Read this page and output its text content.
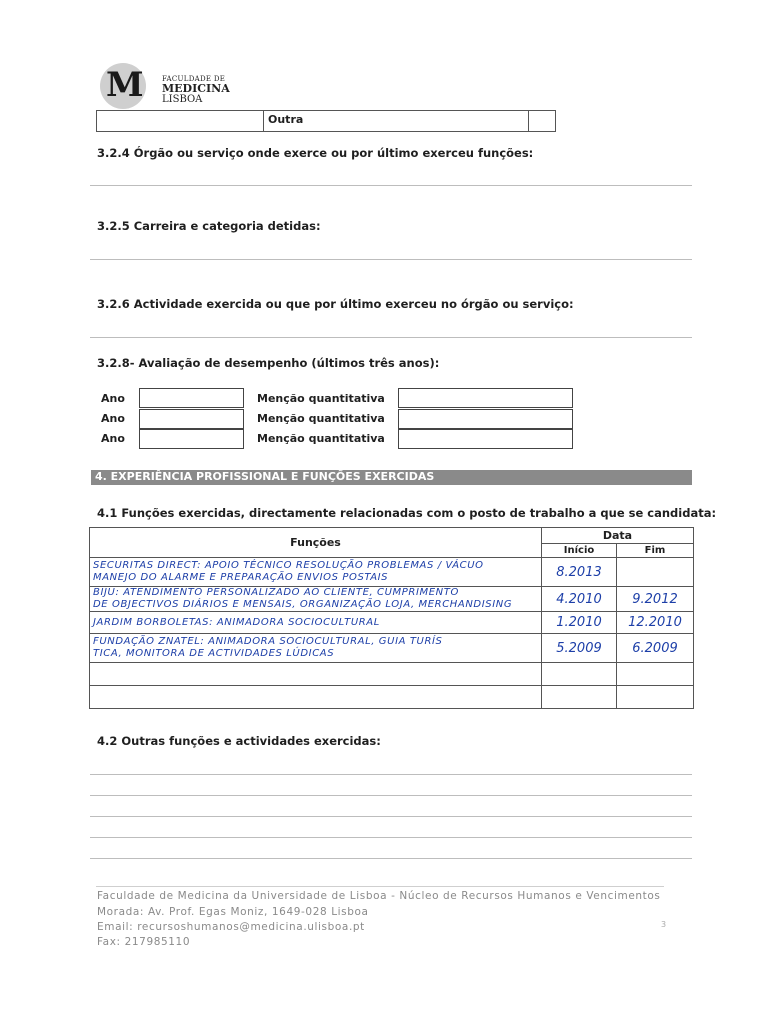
M	FACULDADE DE
MEDICINA
LISBOA
Outra
3.2.4 Órgão ou serviço onde exerce ou por último exerceu funções:
3.2.5 Carreira e categoria detidas:
3.2.6 Actividade exercida ou que por último exerceu no órgão ou serviço:
3.2.8- Avaliação de desempenho (últimos três anos):
Ano	Menção quantitativa
Ano	Menção quantitativa
Ano	Menção quantitativa
4. EXPERIÊNCIA PROFISSIONAL E FUNÇÕES EXERCIDAS
4.1 Funções exercidas, directamente relacionadas com o posto de trabalho a que se candidata:
Funções	Data	
	Início	Fim

SECURITAS DIRECT: APOIO TÉCNICO RESOLUÇÃO PROBLEMAS / VÁCUO
MANEJO DO ALARME E PREPARAÇÃO ENVIOS POSTAIS	8.2013	

BIJU: ATENDIMENTO PERSONALIZADO AO CLIENTE, CUMPRIMENTO
DE OBJECTIVOS DIÁRIOS E MENSAIS, ORGANIZAÇÃO LOJA, MERCHANDISING	4.2010	9.2012

JARDIM BORBOLETAS: ANIMADORA SOCIOCULTURAL	1.2010	12.2010

FUNDAÇÃO ZNATEL: ANIMADORA SOCIOCULTURAL, GUIA TURÍS
TICA, MONITORA DE ACTIVIDADES LÚDICAS	5.2009	6.2009

4.2 Outras funções e actividades exercidas:
Faculdade de Medicina da Universidade de Lisboa - Núcleo de Recursos Humanos e Vencimentos
Morada: Av. Prof. Egas Moniz, 1649-028 Lisboa
Email: recursoshumanos@medicina.ulisboa.pt
Fax: 217985110
3
